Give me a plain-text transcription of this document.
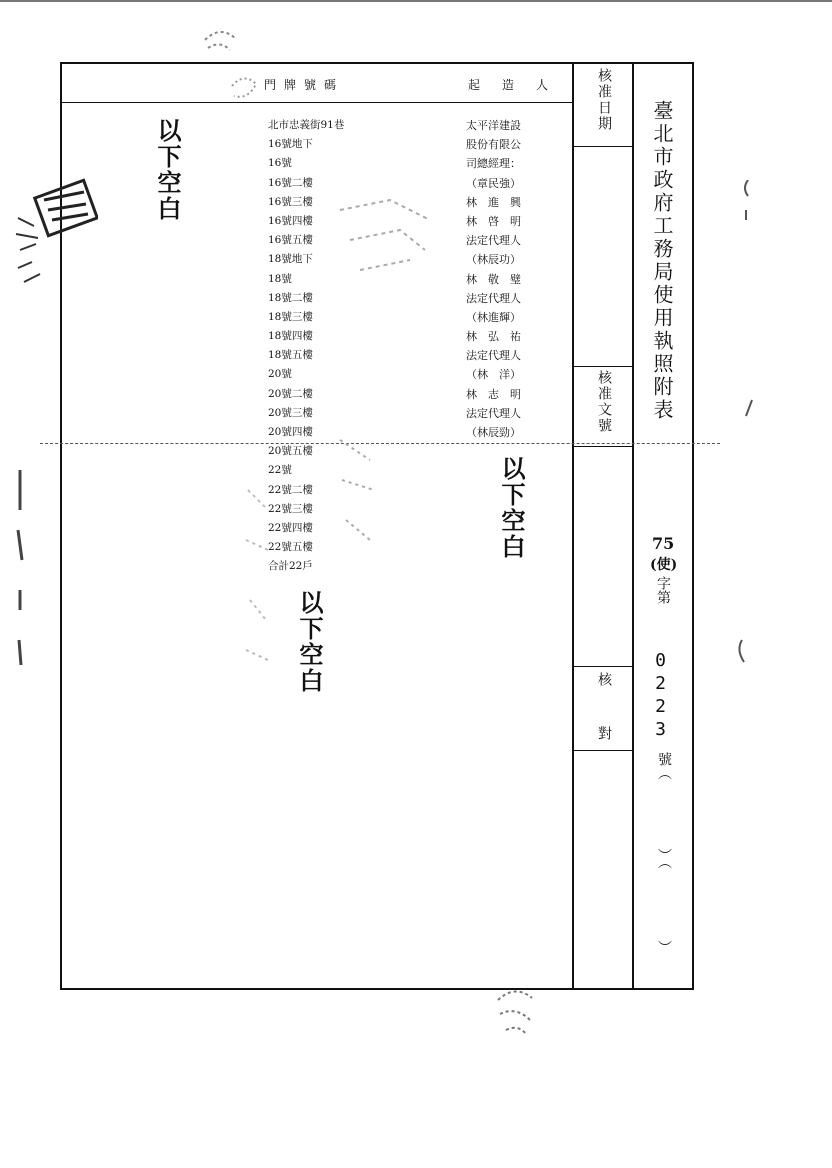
門牌號碼	起造人
北市忠義街91巷
16號地下
16號
16號二樓
16號三樓
16號四樓
16號五樓
18號地下
18號
18號二樓
18號三樓
18號四樓
18號五樓
20號
20號二樓
20號三樓
20號四樓
20號五樓
22號
22號二樓
22號三樓
22號四樓
22號五樓
合計22戶
太平洋建設
股份有限公
司總經理：
（章民強）
林　進　興
林　啓　明
法定代理人
（林辰功）
林　敬　璧
法定代理人
（林進輝）
林　弘　祐
法定代理人
（林　洋）
林　志　明
法定代理人
（林辰勁）
以下空白
以下空白
以下空白
核准日期
核准文號
核
對
臺北市政府工務局使用執照附表
75
(使)
字第
0223
號（
）（
）
